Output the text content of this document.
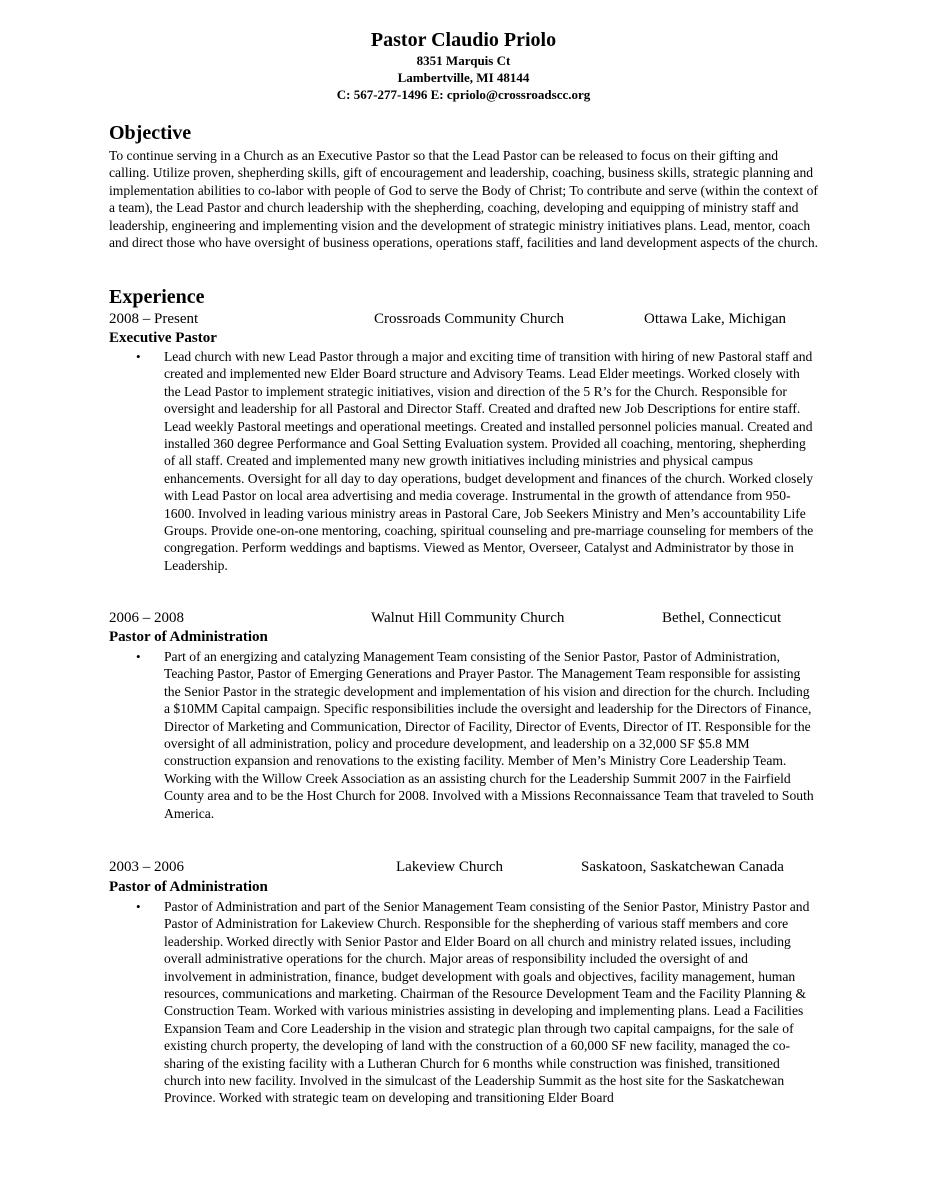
Pastor Claudio Priolo
8351 Marquis Ct
Lambertville, MI 48144
C: 567-277-1496 E: cpriolo@crossroadscc.org
Objective
To continue serving in a Church as an Executive Pastor so that the Lead Pastor can be released to focus on their gifting and calling. Utilize proven, shepherding skills, gift of encouragement and leadership, coaching, business skills, strategic planning and implementation abilities to co-labor with people of God to serve the Body of Christ; To contribute and serve (within the context of a team), the Lead Pastor and church leadership with the shepherding, coaching, developing and equipping of ministry staff and leadership, engineering and implementing vision and the development of strategic ministry initiatives plans. Lead, mentor, coach and direct those who have oversight of business operations, operations staff, facilities and land development aspects of the church.
Experience
2008 – Present	Crossroads Community Church	Ottawa Lake, Michigan
Executive Pastor
• Lead church with new Lead Pastor through a major and exciting time of transition with hiring of new Pastoral staff and created and implemented new Elder Board structure and Advisory Teams. Lead Elder meetings. Worked closely with the Lead Pastor to implement strategic initiatives, vision and direction of the 5 R’s for the Church. Responsible for oversight and leadership for all Pastoral and Director Staff. Created and drafted new Job Descriptions for entire staff. Lead weekly Pastoral meetings and operational meetings. Created and installed personnel policies manual. Created and installed 360 degree Performance and Goal Setting Evaluation system. Provided all coaching, mentoring, shepherding of all staff. Created and implemented many new growth initiatives including ministries and physical campus enhancements. Oversight for all day to day operations, budget development and finances of the church. Worked closely with Lead Pastor on local area advertising and media coverage. Instrumental in the growth of attendance from 950-1600. Involved in leading various ministry areas in Pastoral Care, Job Seekers Ministry and Men’s accountability Life Groups. Provide one-on-one mentoring, coaching, spiritual counseling and pre-marriage counseling for members of the congregation. Perform weddings and baptisms. Viewed as Mentor, Overseer, Catalyst and Administrator by those in Leadership.
2006 – 2008	Walnut Hill Community Church	Bethel, Connecticut
Pastor of Administration
• Part of an energizing and catalyzing Management Team consisting of the Senior Pastor, Pastor of Administration, Teaching Pastor, Pastor of Emerging Generations and Prayer Pastor. The Management Team responsible for assisting the Senior Pastor in the strategic development and implementation of his vision and direction for the church. Including a $10MM Capital campaign. Specific responsibilities include the oversight and leadership for the Directors of Finance, Director of Marketing and Communication, Director of Facility, Director of Events, Director of IT. Responsible for the oversight of all administration, policy and procedure development, and leadership on a 32,000 SF $5.8 MM construction expansion and renovations to the existing facility. Member of Men’s Ministry Core Leadership Team. Working with the Willow Creek Association as an assisting church for the Leadership Summit 2007 in the Fairfield County area and to be the Host Church for 2008. Involved with a Missions Reconnaissance Team that traveled to South America.
2003 – 2006	Lakeview Church	Saskatoon, Saskatchewan Canada
Pastor of Administration
• Pastor of Administration and part of the Senior Management Team consisting of the Senior Pastor, Ministry Pastor and Pastor of Administration for Lakeview Church. Responsible for the shepherding of various staff members and core leadership. Worked directly with Senior Pastor and Elder Board on all church and ministry related issues, including overall administrative operations for the church. Major areas of responsibility included the oversight of and involvement in administration, finance, budget development with goals and objectives, facility management, human resources, communications and marketing. Chairman of the Resource Development Team and the Facility Planning & Construction Team. Worked with various ministries assisting in developing and implementing plans. Lead a Facilities Expansion Team and Core Leadership in the vision and strategic plan through two capital campaigns, for the sale of existing church property, the developing of land with the construction of a 60,000 SF new facility, managed the co-sharing of the existing facility with a Lutheran Church for 6 months while construction was finished, transitioned church into new facility. Involved in the simulcast of the Leadership Summit as the host site for the Saskatchewan Province. Worked with strategic team on developing and transitioning Elder Board
